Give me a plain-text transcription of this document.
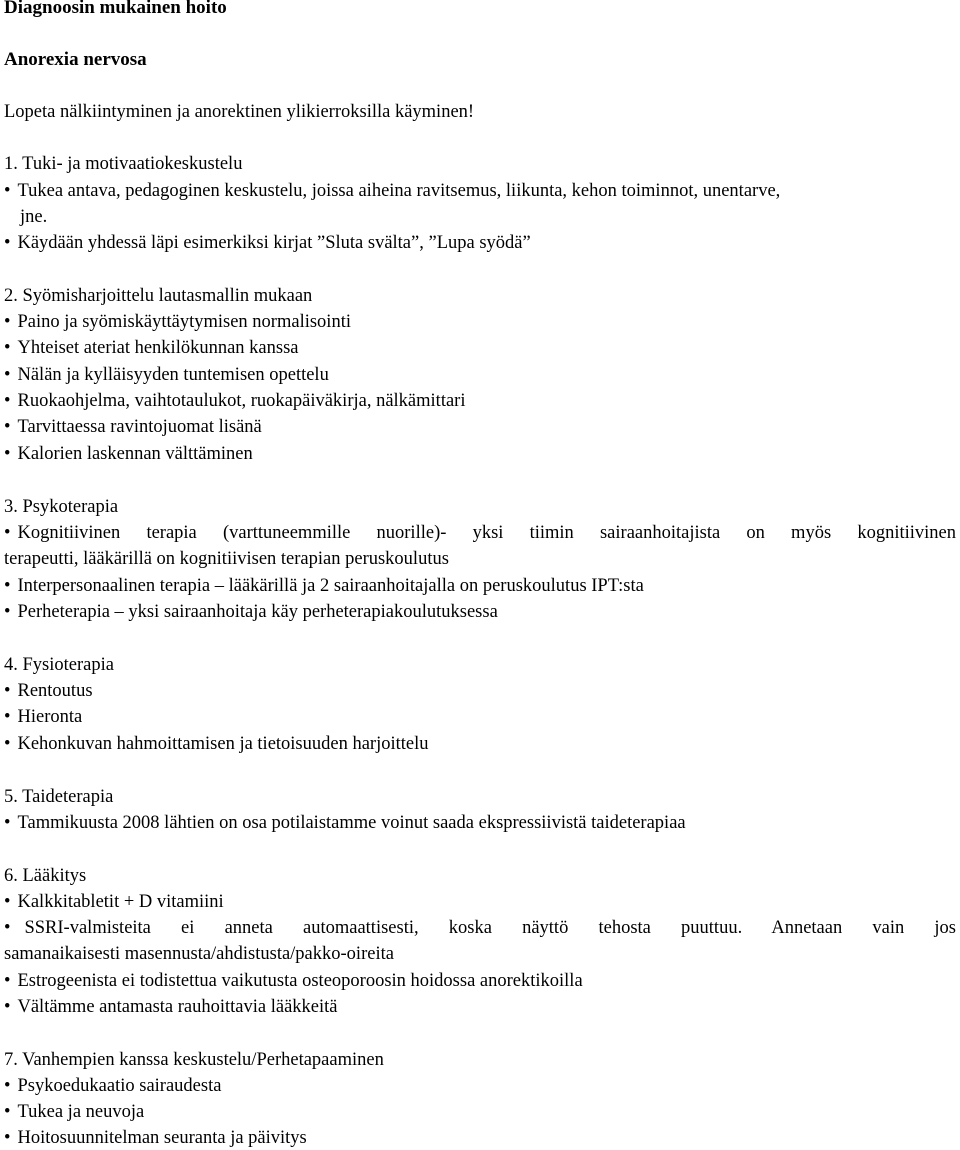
Diagnoosin mukainen hoito
Anorexia nervosa
Lopeta nälkiintyminen ja anorektinen ylikierroksilla käyminen!
1. Tuki- ja motivaatiokeskustelu
• Tukea antava, pedagoginen keskustelu, joissa aiheina ravitsemus, liikunta, kehon toiminnot, unentarve,
jne.
• Käydään yhdessä läpi esimerkiksi kirjat ”Sluta svälta”, ”Lupa syödä”
2. Syömisharjoittelu lautasmallin mukaan
• Paino ja syömiskäyttäytymisen normalisointi
• Yhteiset ateriat henkilökunnan kanssa
• Nälän ja kylläisyyden tuntemisen opettelu
• Ruokaohjelma, vaihtotaulukot, ruokapäiväkirja, nälkämittari
• Tarvittaessa ravintojuomat lisänä
• Kalorien laskennan välttäminen
3. Psykoterapia
• Kognitiivinen terapia (varttuneemmille nuorille)- yksi tiimin sairaanhoitajista on myös kognitiivinen
terapeutti, lääkärillä on kognitiivisen terapian peruskoulutus
• Interpersonaalinen terapia – lääkärillä ja 2 sairaanhoitajalla on peruskoulutus IPT:sta
• Perheterapia – yksi sairaanhoitaja käy perheterapiakoulutuksessa
4. Fysioterapia
• Rentoutus
• Hieronta
• Kehonkuvan hahmoittamisen ja tietoisuuden harjoittelu
5. Taideterapia
• Tammikuusta 2008 lähtien on osa potilaistamme voinut saada ekspressiivistä taideterapiaa
6. Lääkitys
• Kalkkitabletit + D vitamiini
• SSRI-valmisteita ei anneta automaattisesti, koska näyttö tehosta puuttuu. Annetaan vain jos
samanaikaisesti masennusta/ahdistusta/pakko-oireita
• Estrogeenista ei todistettua vaikutusta osteoporoosin hoidossa anorektikoilla
• Vältämme antamasta rauhoittavia lääkkeitä
7. Vanhempien kanssa keskustelu/Perhetapaaminen
• Psykoedukaatio sairaudesta
• Tukea ja neuvoja
• Hoitosuunnitelman seuranta ja päivitys
